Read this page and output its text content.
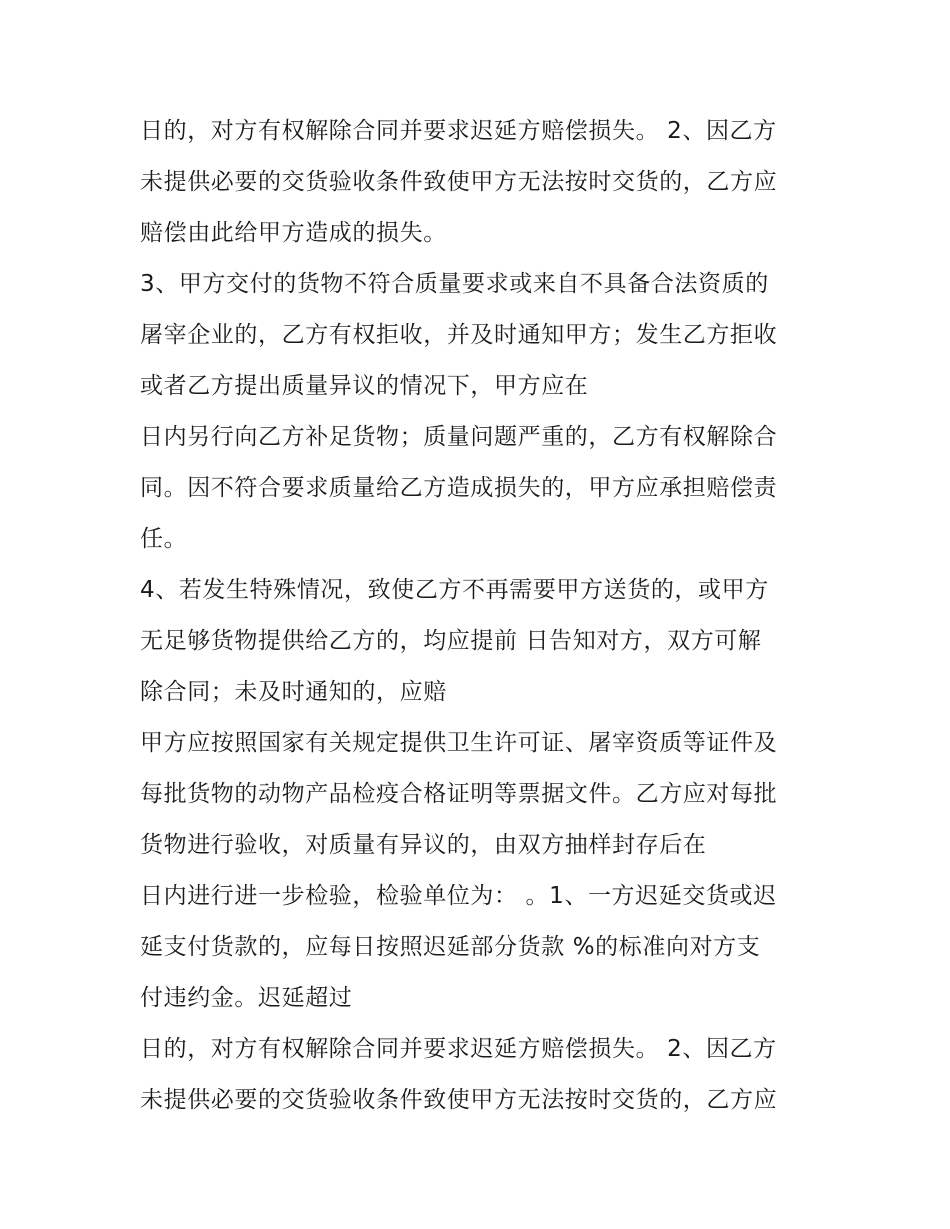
日的，对方有权解除合同并要求迟延方赔偿损失。 2、因乙方
未提供必要的交货验收条件致使甲方无法按时交货的，乙方应
赔偿由此给甲方造成的损失。
3、甲方交付的货物不符合质量要求或来自不具备合法资质的
屠宰企业的，乙方有权拒收，并及时通知甲方；发生乙方拒收
或者乙方提出质量异议的情况下，甲方应在
日内另行向乙方补足货物；质量问题严重的，乙方有权解除合
同。因不符合要求质量给乙方造成损失的，甲方应承担赔偿责
任。
4、若发生特殊情况，致使乙方不再需要甲方送货的，或甲方
无足够货物提供给乙方的，均应提前 日告知对方，双方可解
除合同；未及时通知的，应赔
甲方应按照国家有关规定提供卫生许可证、屠宰资质等证件及
每批货物的动物产品检疫合格证明等票据文件。乙方应对每批
货物进行验收，对质量有异议的，由双方抽样封存后在
日内进行进一步检验，检验单位为： 。1、一方迟延交货或迟
延支付货款的，应每日按照迟延部分货款 %的标准向对方支
付违约金。迟延超过
日的，对方有权解除合同并要求迟延方赔偿损失。 2、因乙方
未提供必要的交货验收条件致使甲方无法按时交货的，乙方应
